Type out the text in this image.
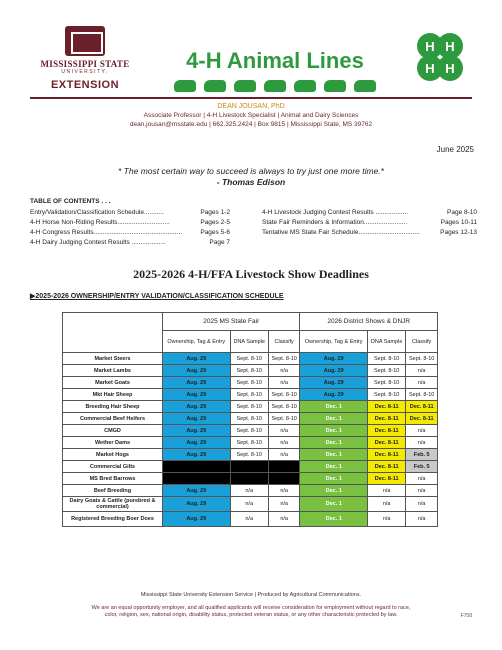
MISSISSIPPI STATE
UNIVERSITY.
EXTENSION
4-H Animal Lines
H H
H H
DEAN JOUSAN, PhD
Associate Professor | 4-H Livestock Specialist | Animal and Dairy Sciences
dean.jousan@msstate.edu | 662.325.2424 | Box 9815 | Mississippi State, MS 39762
June 2025
* The most certain way to succeed is always to try just one more time.*
- Thomas Edison
TABLE OF CONTENTS . . .
Entry/Validation/Classification Schedule...........	Pages 1-2
4-H Horse Non-Riding Results.............................	Pages 2-5
4-H Congress Results.................................................	Pages 5-6
4-H Dairy Judging Contest Results ...................	Page 7
4-H Livestock Judging Contest Results ..................	Page 8-10
State Fair Reminders & Information........................	Pages 10-11
Tentative MS State Fair Schedule..................................	Pages 12-13
2025-2026 4-H/FFA Livestock Show Deadlines
▶2025-2026 OWNERSHIP/ENTRY VALIDATION/CLASSIFICATION SCHEDULE
	2025 MS State Fair			2026 District Shows & DNJR		
	Ownership, Tag & Entry	DNA Sample	Classify	Ownership, Tag & Entry	DNA Sample	Classify
Market Steers	Aug. 29	Sept. 8-10	Sept. 8-10	Aug. 29	Sept. 8-10	Sept. 8-10
Market Lambs	Aug. 29	Sept. 8-10	n/a	Aug. 29	Sept. 8-10	n/a
Market Goats	Aug. 29	Sept. 8-10	n/a	Aug. 29	Sept. 8-10	n/a
Mkt Hair Sheep	Aug. 29	Sept. 8-10	Sept. 8-10	Aug. 29	Sept. 8-10	Sept. 8-10
Breeding Hair Sheep	Aug. 29	Sept. 8-10	Sept. 8-10	Dec. 1	Dec. 8-11	Dec. 8-11
Commercial Beef Heifers	Aug. 29	Sept. 8-10	Sept. 8-10	Dec. 1	Dec. 8-11	Dec. 8-11
CMGD	Aug. 29	Sept. 8-10	n/a	Dec. 1	Dec. 8-11	n/a
Wether Dams	Aug. 29	Sept. 8-10	n/a	Dec. 1	Dec. 8-11	n/a
Market Hogs	Aug. 29	Sept. 8-10	n/a	Dec. 1	Dec. 8-11	Feb. 5
Commercial Gilts				Dec. 1	Dec. 8-11	Feb. 5
MS Bred Barrows				Dec. 1	Dec. 8-11	n/a
Beef Breeding	Aug. 29	n/a	n/a	Dec. 1	n/a	n/a
Dairy Goats & Cattle (purebred & commercial)	Aug. 29	n/a	n/a	Dec. 1	n/a	n/a
Registered Breeding Boer Does	Aug. 29	n/a	n/a	Dec. 1	n/a	n/a
Mississippi State University Extension Service | Produced by Agricultural Communications.
We are an equal opportunity employer, and all qualified applicants will receive consideration for employment without regard to race,
color, religion, sex, national origin, disability status, protected veteran status, or any other characteristic protected by law.	F758
